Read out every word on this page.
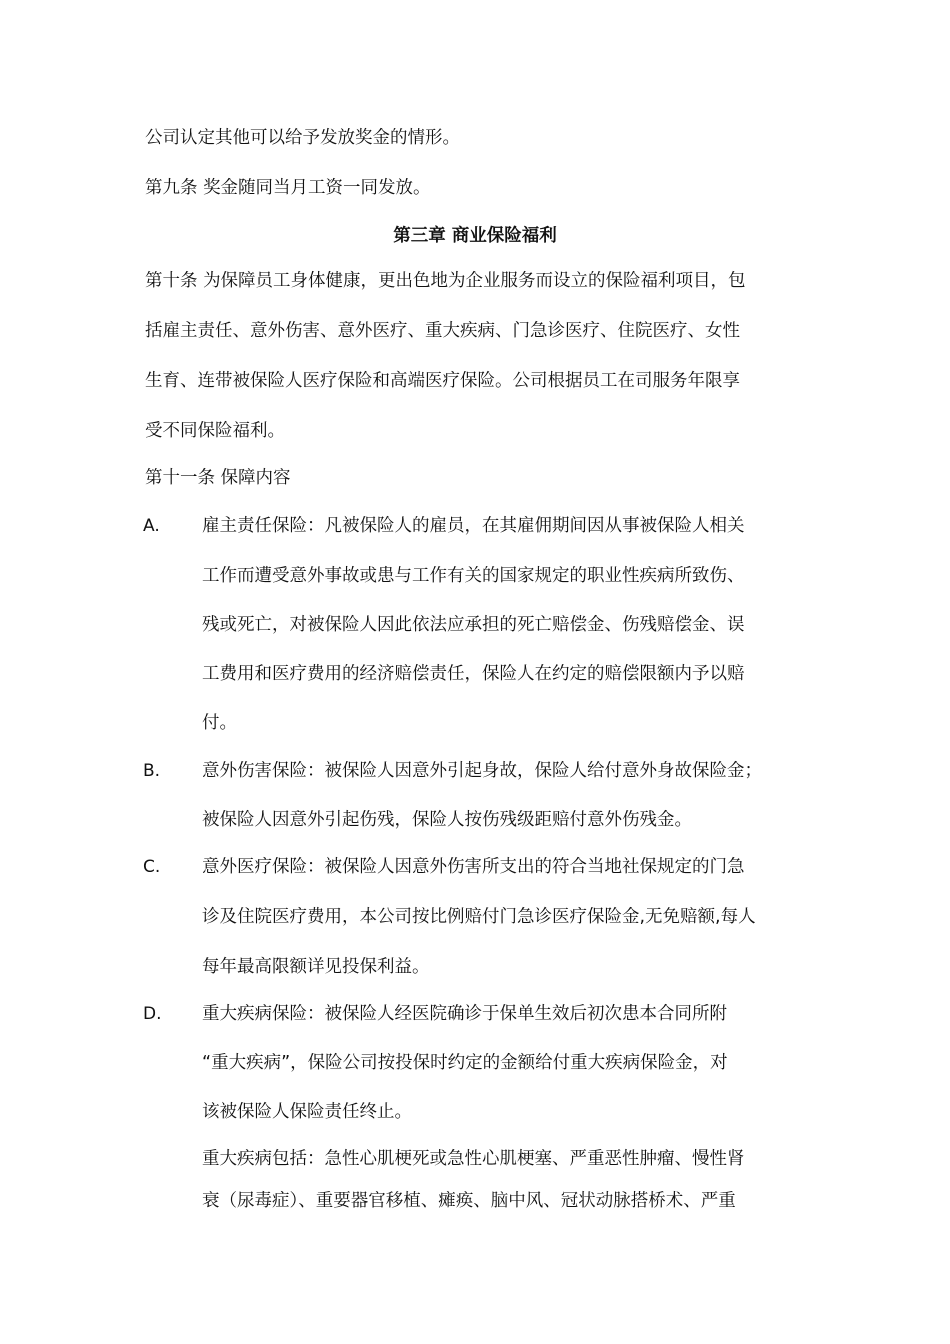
公司认定其他可以给予发放奖金的情形。
第九条 奖金随同当月工资一同发放。
第三章 商业保险福利
第十条 为保障员工身体健康，更出色地为企业服务而设立的保险福利项目，包
括雇主责任、意外伤害、意外医疗、重大疾病、门急诊医疗、住院医疗、女性
生育、连带被保险人医疗保险和高端医疗保险。公司根据员工在司服务年限享
受不同保险福利。
第十一条 保障内容
A. 雇主责任保险：凡被保险人的雇员，在其雇佣期间因从事被保险人相关
工作而遭受意外事故或患与工作有关的国家规定的职业性疾病所致伤、
残或死亡，对被保险人因此依法应承担的死亡赔偿金、伤残赔偿金、误
工费用和医疗费用的经济赔偿责任，保险人在约定的赔偿限额内予以赔
付。
B. 意外伤害保险：被保险人因意外引起身故，保险人给付意外身故保险金；
被保险人因意外引起伤残，保险人按伤残级距赔付意外伤残金。
C. 意外医疗保险：被保险人因意外伤害所支出的符合当地社保规定的门急
诊及住院医疗费用，本公司按比例赔付门急诊医疗保险金,无免赔额,每人
每年最高限额详见投保利益。
D. 重大疾病保险：被保险人经医院确诊于保单生效后初次患本合同所附
“重大疾病”，保险公司按投保时约定的金额给付重大疾病保险金，对
该被保险人保险责任终止。
重大疾病包括：急性心肌梗死或急性心肌梗塞、严重恶性肿瘤、慢性肾
衰（尿毒症）、重要器官移植、瘫痪、脑中风、冠状动脉搭桥术、严重
